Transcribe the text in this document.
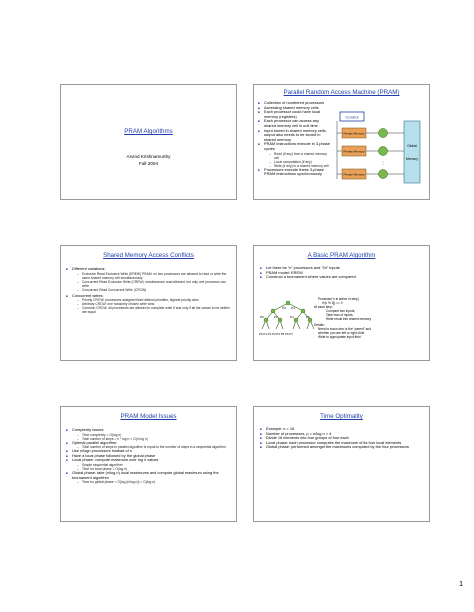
PRAM Algorithms
Arvind Krishnamurthy
Fall 2004
Parallel Random Access Machine (PRAM)
■ Collection of numbered processors
■ Accessing shared memory cells
■ Each processor could have local memory (registers)
■ Each processor can access any shared memory cell in unit time
■ Input stored in shared memory cells, output also needs to be stored in shared memory
■ PRAM instructions execute in 3-phase cycles
– Read (if any) from a shared memory cell
– Local computation (if any)
– Write (if any) to a shared memory cell
■ Processors execute these 3-phase PRAM instructions synchronously
Control
Private Memory
Private Memory
Private Memory
⋮
Global
Memory
Shared Memory Access Conflicts
■ Different variations:
– Exclusive Read Exclusive Write (EREW) PRAM: no two processors are allowed to read or write the same shared memory cell simultaneously
– Concurrent Read Exclusive Write (CREW): simultaneous read allowed, but only one processor can write
– Concurrent Read Concurrent Write (CRCW)
■ Concurrent writes:
– Priority CRCW: processors assigned fixed distinct priorities, highest priority wins
– Arbitrary CRCW: one randomly chosen write wins
– Common CRCW: all processors are allowed to complete write if and only if all the values to be written are equal
A Basic PRAM Algorithm
■ Let there be “n” processors and “2n” inputs
■ PRAM model: EREW
■ Construct a tournament where values are compared
P0 P4
P0	P2	P4	P6
P0 P1 P2 P3 P4 P5 P6 P7
Processor k is active in step j
if (k % 2j) == 0
At each step:
Compare two inputs,
Take max of inputs,
Write result into shared memory
Details:
Need to know who is the “parent” and
whether you are left or right child
Write to appropriate input field
PRAM Model Issues
■ Complexity issues:
– Time complexity = O(log n)
– Total number of steps = n * log n = O(n log n)
■ Optimal parallel algorithm:
– Total number of steps in parallel algorithm is equal to the number of steps in a sequential algorithm
■ Use n/logn processors instead of n
■ Have a local phase followed by the global phase
■ Local phase: compute maximum over log n values
– Simple sequential algorithm
– Time for local phase = O(log n)
■ Global phase: take (n/log n) local maximums and compute global maximum using the tournament algorithm
– Time for global phase = O(log (n/log n)) = O(log n)
Time Optimality
■ Example: n = 16
■ Number of processors, p = n/log n = 4
■ Divide 16 elements into four groups of four each
■ Local phase: each processor computes the maximum of its four local elements
■ Global phase: performed amongst the maximums computed by the four processors
1
